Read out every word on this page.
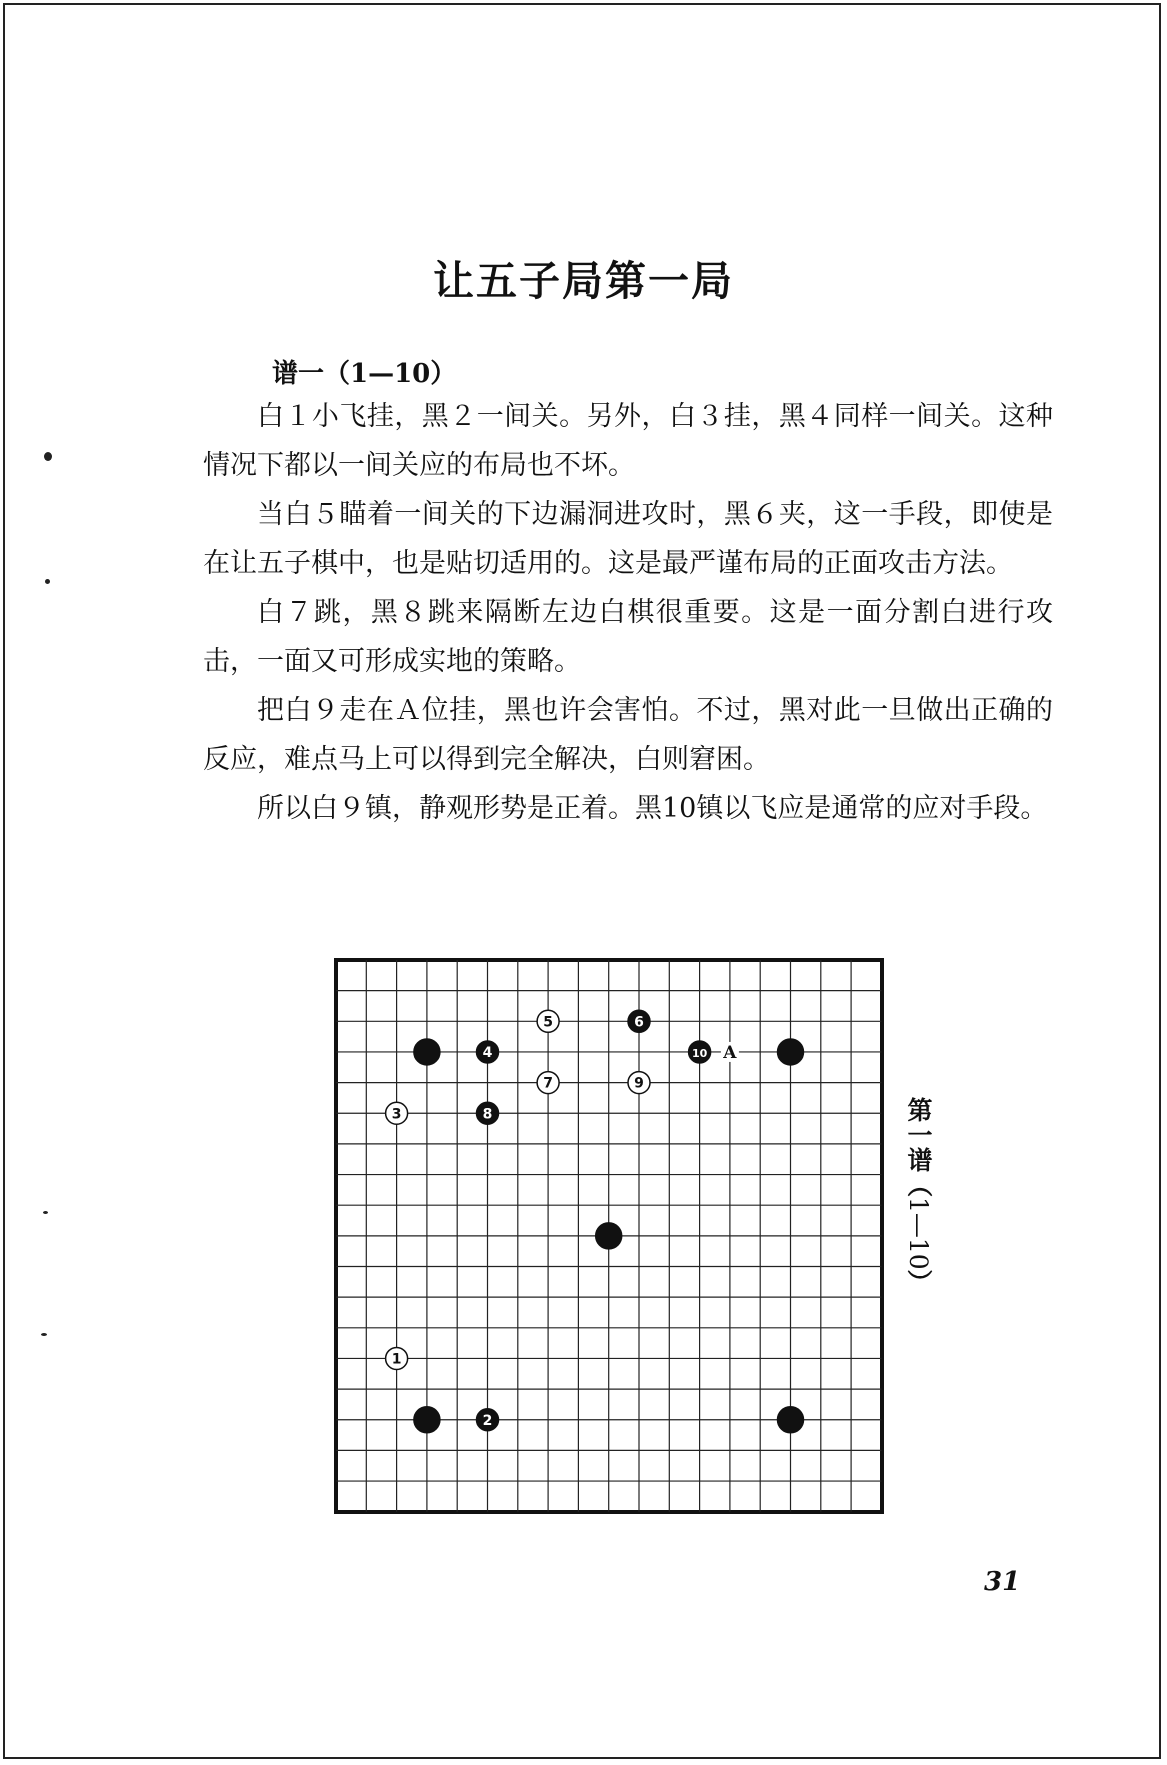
让五子局第一局
谱一（1—10）

白１小飞挂，黑２一间关。另外，白３挂，黑４同样一间关。这种情况下都以一间关应的布局也不坏。

当白５瞄着一间关的下边漏洞进攻时，黑６夹，这一手段，即使是在让五子棋中，也是贴切适用的。这是最严谨布局的正面攻击方法。

白７跳，黑８跳来隔断左边白棋很重要。这是一面分割白进行攻击，一面又可形成实地的策略。

把白９走在Ａ位挂，黑也许会害怕。不过，黑对此一旦做出正确的反应，难点马上可以得到完全解决，白则窘困。

所以白９镇，静观形势是正着。黑10镇以飞应是通常的应对手段。

1
2
3
4
5	6
7
8
9
10 A
第一谱（1—10）
31
